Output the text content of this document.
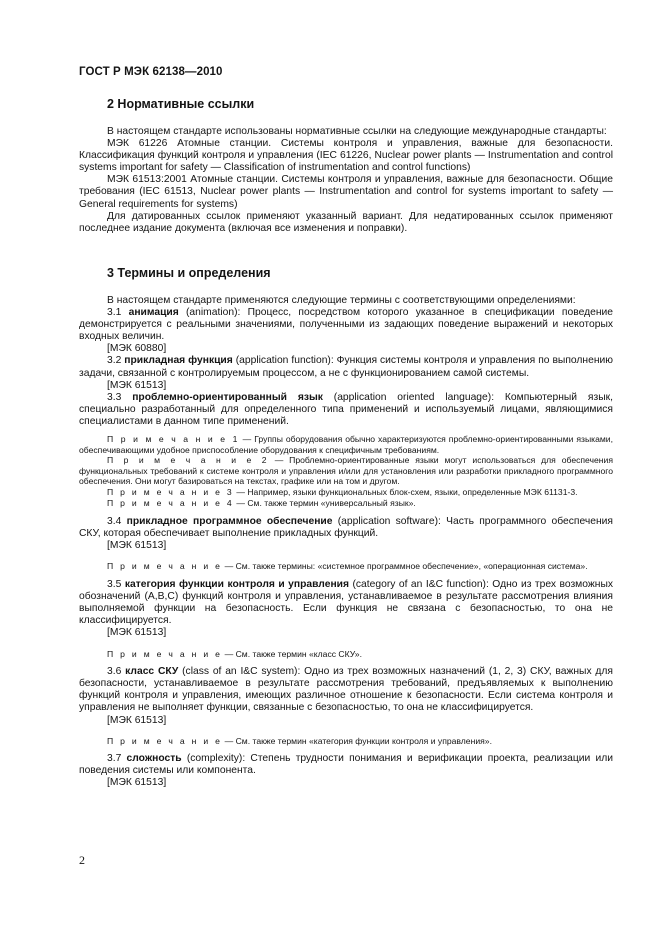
ГОСТ Р МЭК 62138—2010
2 Нормативные ссылки

В настоящем стандарте использованы нормативные ссылки на следующие международные стандарты:

МЭК 61226 Атомные станции. Системы контроля и управления, важные для безопасности. Классификация функций контроля и управления (IEC 61226, Nuclear power plants — Instrumentation and control systems important for safety — Classification of instrumentation and control functions)

МЭК 61513:2001 Атомные станции. Системы контроля и управления, важные для безопасности. Общие требования (IEC 61513, Nuclear power plants — Instrumentation and control for systems important to safety — General requirements for systems)

Для датированных ссылок применяют указанный вариант. Для недатированных ссылок применяют последнее издание документа (включая все изменения и поправки).

3 Термины и определения

В настоящем стандарте применяются следующие термины с соответствующими определениями:

3.1 анимация (animation): Процесс, посредством которого указанное в спецификации поведение демонстрируется с реальными значениями, полученными из задающих поведение выражений и некоторых входных величин.

[МЭК 60880]

3.2 прикладная функция (application function): Функция системы контроля и управления по выполнению задачи, связанной с контролируемым процессом, а не с функционированием самой системы.

[МЭК 61513]

3.3 проблемно-ориентированный язык (application oriented language): Компьютерный язык, специально разработанный для определенного типа применений и используемый лицами, являющимися специалистами в данном типе применений.

П р и м е ч а н и е 1 — Группы оборудования обычно характеризуются проблемно-ориентированными языками, обеспечивающими удобное приспособление оборудования к специфичным требованиям.

П р и м е ч а н и е 2 — Проблемно-ориентированные языки могут использоваться для обеспечения функциональных требований к системе контроля и управления и/или для установления или разработки прикладного программного обеспечения. Они могут базироваться на текстах, графике или на том и другом.

П р и м е ч а н и е 3 — Например, языки функциональных блок-схем, языки, определенные МЭК 61131-3.

П р и м е ч а н и е 4 — См. также термин «универсальный язык».

3.4 прикладное программное обеспечение (application software): Часть программного обеспечения СКУ, которая обеспечивает выполнение прикладных функций.

[МЭК 61513]

П р и м е ч а н и е — См. также термины: «системное программное обеспечение», «операционная система».

3.5 категория функции контроля и управления (category of an I&C function): Одно из трех возможных обозначений (A,B,C) функций контроля и управления, устанавливаемое в результате рассмотрения влияния выполняемой функции на безопасность. Если функция не связана с безопасностью, то она не классифицируется.

[МЭК 61513]

П р и м е ч а н и е — См. также термин «класс СКУ».

3.6 класс СКУ (class of an I&C system): Одно из трех возможных назначений (1, 2, 3) СКУ, важных для безопасности, устанавливаемое в результате рассмотрения требований, предъявляемых к выполнению функций контроля и управления, имеющих различное отношение к безопасности. Если система контроля и управления не выполняет функции, связанные с безопасностью, то она не классифицируется.

[МЭК 61513]

П р и м е ч а н и е — См. также термин «категория функции контроля и управления».

3.7 сложность (complexity): Степень трудности понимания и верификации проекта, реализации или поведения системы или компонента.

[МЭК 61513]

2
